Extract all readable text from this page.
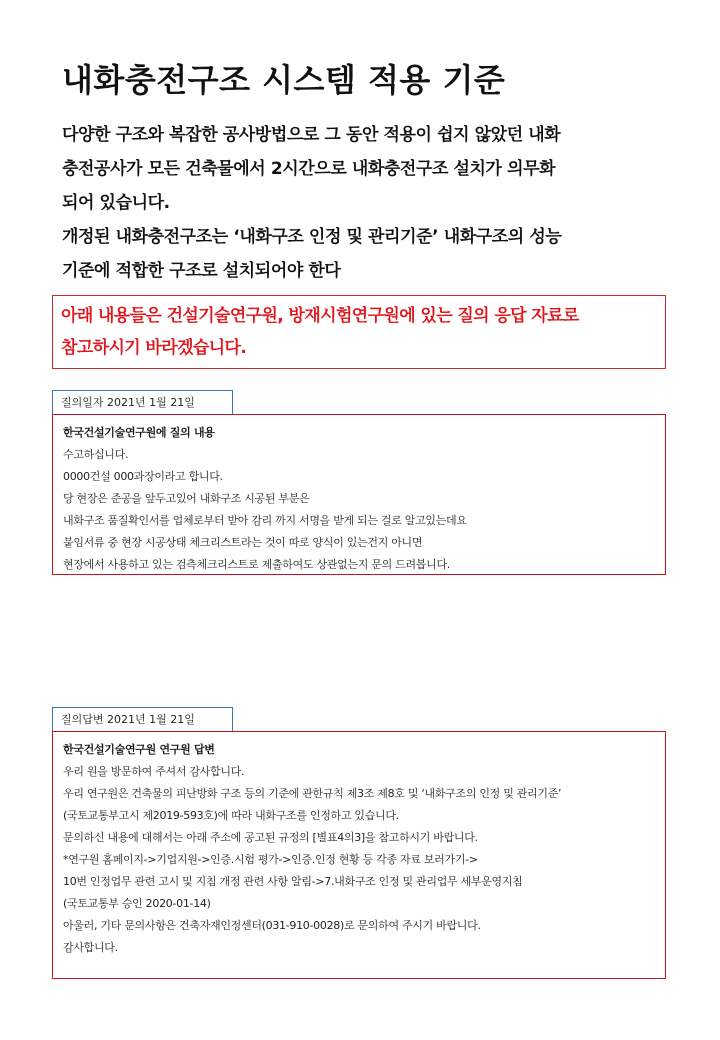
내화충전구조 시스템 적용 기준

다양한 구조와 복잡한 공사방법으로 그 동안 적용이 쉽지 않았던 내화

충전공사가 모든 건축물에서 2시간으로 내화충전구조 설치가 의무화

되어 있습니다.

개정된 내화충전구조는 ‘내화구조 인정 및 관리기준’ 내화구조의 성능

기준에 적합한 구조로 설치되어야 한다

아래 내용들은 건설기술연구원, 방재시험연구원에 있는 질의 응답 자료로

참고하시기 바라겠습니다.

질의일자 2021년 1월 21일

한국건설기술연구원에 질의 내용

수고하십니다.

0000건설 000과장이라고 합니다.

당 현장은 준공을 앞두고있어 내화구조 시공된 부분은

내화구조 품질확인서를 업체로부터 받아 감리 까지 서명을 받게 되는 걸로 알고있는데요

붙임서류 중 현장 시공상태 체크리스트라는 것이 따로 양식이 있는건지 아니면

현장에서 사용하고 있는 검측체크리스트로 제출하여도 상관없는지 문의 드려봅니다.

질의답변 2021년 1월 21일

한국건설기술연구원 연구원 답변

우리 원을 방문하여 주셔서 감사합니다.

우리 연구원은 건축물의 피난방화 구조 등의 기준에 관한규칙 제3조 제8호 및 ‘내화구조의 인정 및 관리기준’

(국토교통부고시 제2019-593호)에 따라 내화구조를 인정하고 있습니다.

문의하신 내용에 대해서는 아래 주소에 공고된 규정의 [별표4의3]을 참고하시기 바랍니다.

*연구원 홈페이지->기업지원->인증.시험 평가->인증.인정 현황 등 각종 자료 보러가기->

10번 인정업무 관련 고시 및 지침 개정 관련 사항 알림->7.내화구조 인정 및 관리업무 세부운영지침

(국토교통부 승인 2020-01-14)

아울러, 기타 문의사항은 건축자재인정센터(031-910-0028)로 문의하여 주시기 바랍니다.

감사합니다.
